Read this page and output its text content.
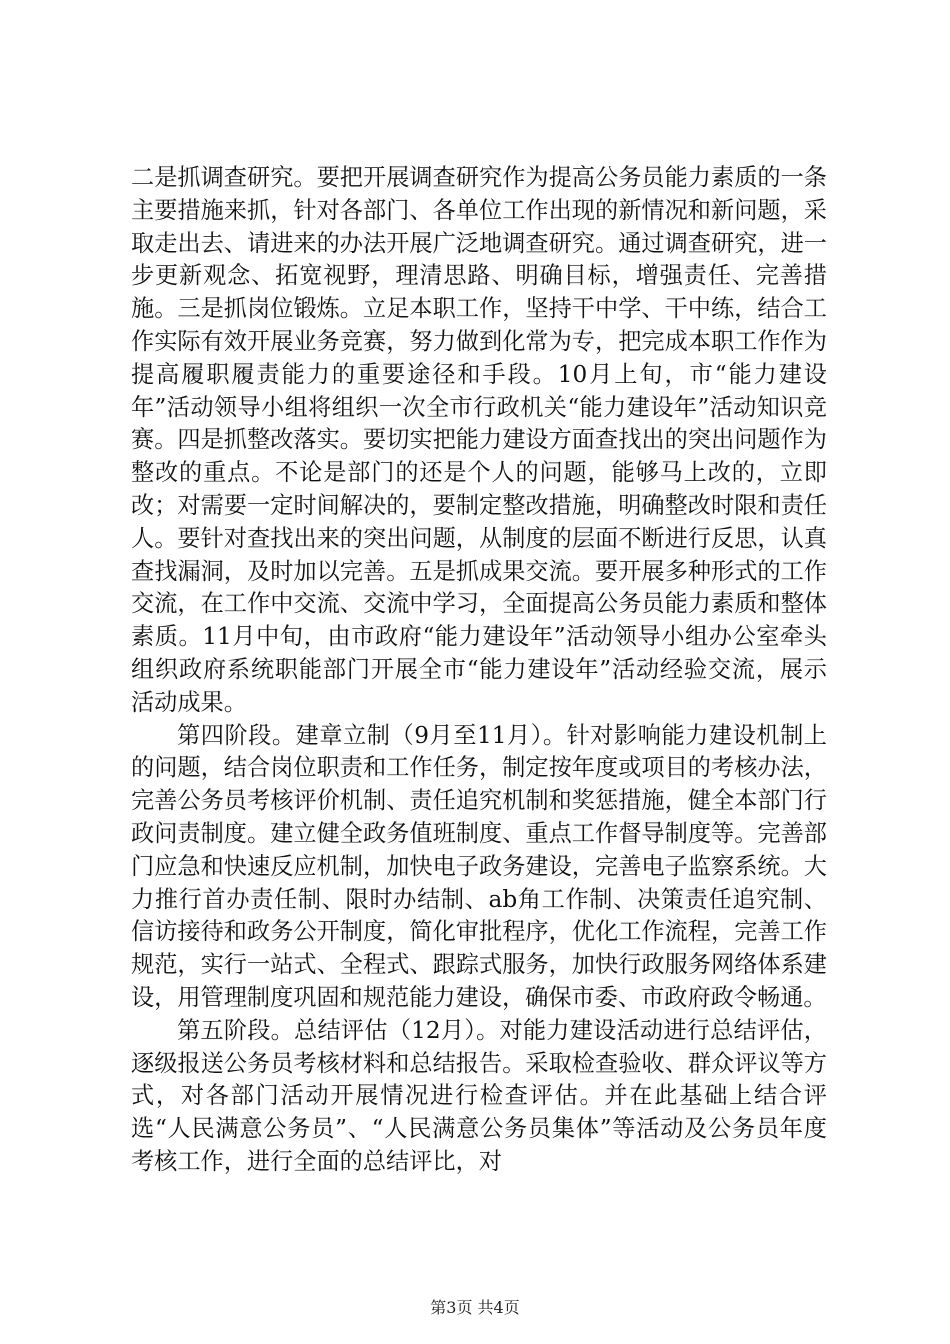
二是抓调查研究。要把开展调查研究作为提高公务员能力素质的一条主要措施来抓，针对各部门、各单位工作出现的新情况和新问题，采取走出去、请进来的办法开展广泛地调查研究。通过调查研究，进一步更新观念、拓宽视野，理清思路、明确目标，增强责任、完善措施。三是抓岗位锻炼。立足本职工作，坚持干中学、干中练，结合工作实际有效开展业务竞赛，努力做到化常为专，把完成本职工作作为提高履职履责能力的重要途径和手段。10月上旬，市“能力建设年”活动领导小组将组织一次全市行政机关“能力建设年”活动知识竞赛。四是抓整改落实。要切实把能力建设方面查找出的突出问题作为整改的重点。不论是部门的还是个人的问题，能够马上改的，立即改；对需要一定时间解决的，要制定整改措施，明确整改时限和责任人。要针对查找出来的突出问题，从制度的层面不断进行反思，认真查找漏洞，及时加以完善。五是抓成果交流。要开展多种形式的工作交流，在工作中交流、交流中学习，全面提高公务员能力素质和整体素质。11月中旬，由市政府“能力建设年”活动领导小组办公室牵头组织政府系统职能部门开展全市“能力建设年”活动经验交流，展示活动成果。

第四阶段。建章立制（9月至11月）。针对影响能力建设机制上的问题，结合岗位职责和工作任务，制定按年度或项目的考核办法，完善公务员考核评价机制、责任追究机制和奖惩措施，健全本部门行政问责制度。建立健全政务值班制度、重点工作督导制度等。完善部门应急和快速反应机制，加快电子政务建设，完善电子监察系统。大力推行首办责任制、限时办结制、ab角工作制、决策责任追究制、信访接待和政务公开制度，简化审批程序，优化工作流程，完善工作规范，实行一站式、全程式、跟踪式服务，加快行政服务网络体系建设，用管理制度巩固和规范能力建设，确保市委、市政府政令畅通。

第五阶段。总结评估（12月）。对能力建设活动进行总结评估，逐级报送公务员考核材料和总结报告。采取检查验收、群众评议等方式，对各部门活动开展情况进行检查评估。并在此基础上结合评选“人民满意公务员”、“人民满意公务员集体”等活动及公务员年度考核工作，进行全面的总结评比，对

第3页 共4页
